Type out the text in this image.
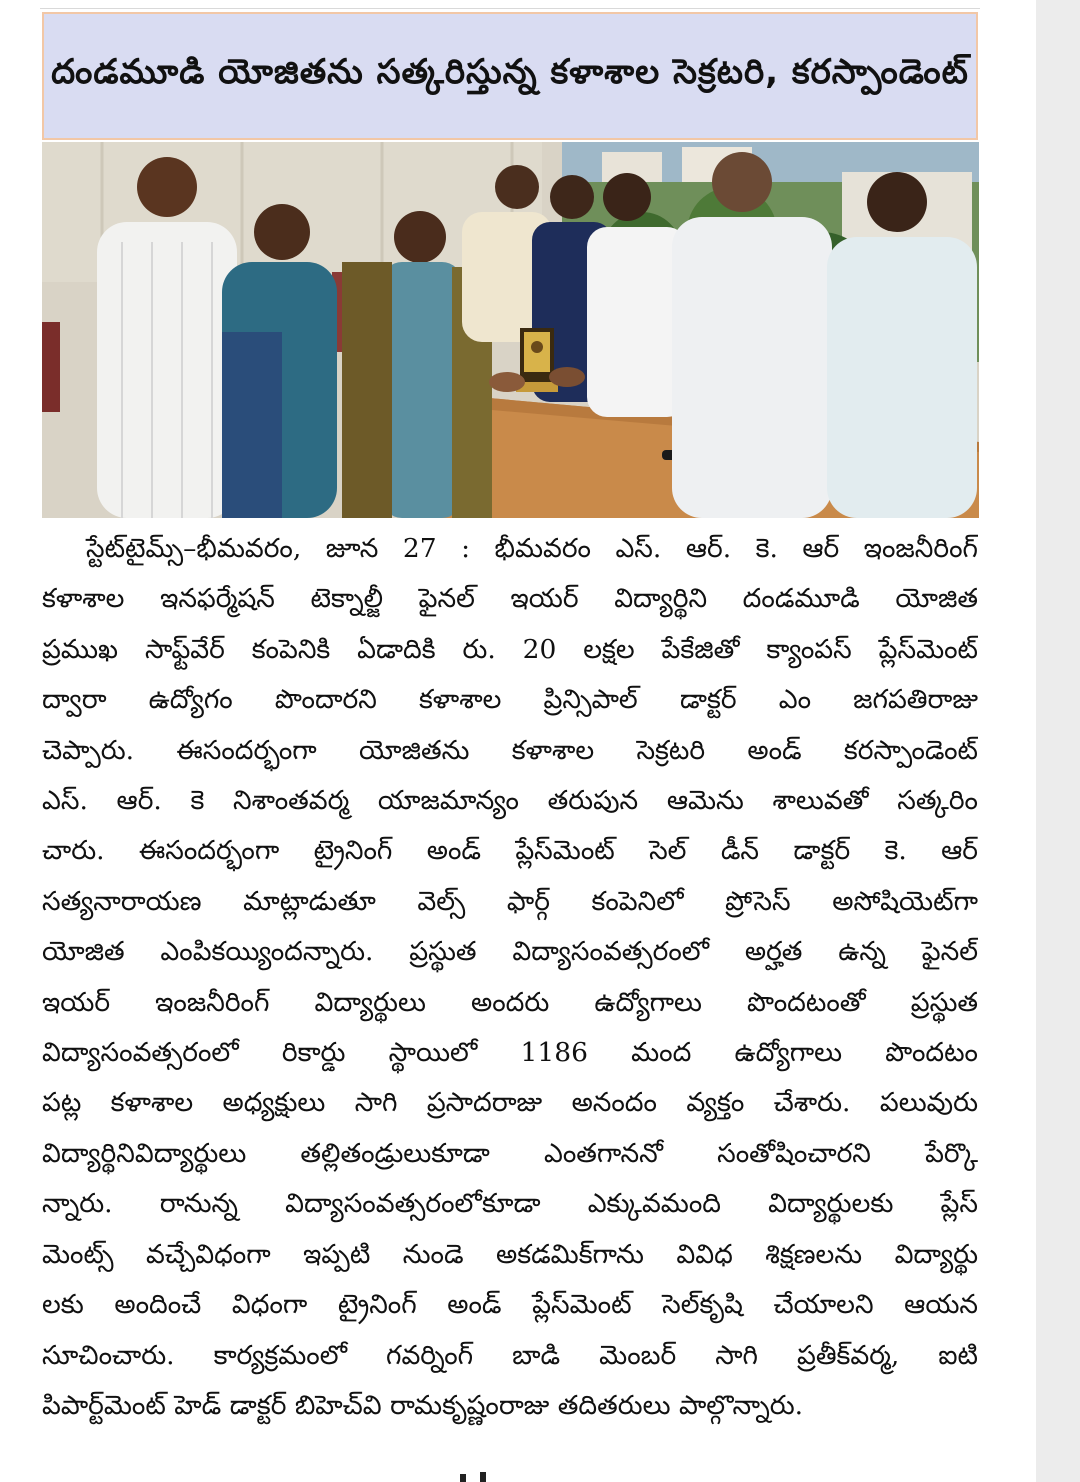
దండమూడి యోజితను సత్కరిస్తున్న కళాశాల సెక్రటరి, కరస్పాండెంట్
స్టేట్‌టైమ్స్–భీమవరం, జూన 27 : భీమవరం ఎస్. ఆర్. కె. ఆర్ ఇంజనీరింగ్
కళాశాల ఇనఫర్మేషన్ టెక్నాల్జీ ఫైనల్ ఇయర్ విద్యార్థిని దండమూడి యోజిత
ప్రముఖ సాఫ్ట్‌వేర్ కంపెనికి ఏడాదికి రు. 20 లక్షల పేకేజితో క్యాంపస్ ప్లేస్‌మెంట్
ద్వారా ఉద్యోగం పొందారని కళాశాల ప్రిన్సిపాల్ డాక్టర్ ఎం జగపతిరాజు
చెప్పారు. ఈసందర్భంగా యోజితను కళాశాల సెక్రటరి అండ్ కరస్పాండెంట్
ఎస్. ఆర్. కె నిశాంతవర్మ యాజమాన్యం తరుపున ఆమెను శాలువతో సత్కరిం
చారు. ఈసందర్భంగా ట్రైనింగ్ అండ్ ప్లేస్‌మెంట్ సెల్ డీన్ డాక్టర్ కె. ఆర్
సత్యనారాయణ మాట్లాడుతూ వెల్స్ ఫార్గ్ కంపెనిలో ప్రోసెస్ అసోషియెట్‌గా
యోజిత ఎంపికయ్యిందన్నారు. ప్రస్థుత విద్యాసంవత్సరంలో అర్హత ఉన్న ఫైనల్
ఇయర్ ఇంజనీరింగ్ విద్యార్థులు అందరు ఉద్యోగాలు పొందటంతో ప్రస్థుత
విద్యాసంవత్సరంలో రికార్డు స్థాయిలో 1186 మంద ఉద్యోగాలు పొందటం
పట్ల కళాశాల అధ్యక్షులు సాగి ప్రసాదరాజు అనందం వ్యక్తం చేశారు. పలువురు
విద్యార్థినివిద్యార్థులు తల్లితండ్రులుకూడా ఎంతగాననో సంతోషించారని పేర్కొ
న్నారు. రానున్న విద్యాసంవత్సరంలోకూడా ఎక్కువమంది విద్యార్థులకు ప్లేస్
మెంట్స్ వచ్చేవిధంగా ఇప్పటి నుండె అకడమిక్‌గాను వివిధ శిక్షణలను విద్యార్థు
లకు అందించే విధంగా ట్రైనింగ్ అండ్ ప్లేస్‌మెంట్ సెల్‌కృషి చేయాలని ఆయన
సూచించారు. కార్యక్రమంలో గవర్నింగ్ బాడి మెంబర్ సాగి ప్రతీక్‌వర్మ, ఐటి
పిపార్ట్‌మెంట్ హెడ్ డాక్టర్ బిహెచ్‌వి రామకృష్ణంరాజు తదితరులు పాల్గొన్నారు.
